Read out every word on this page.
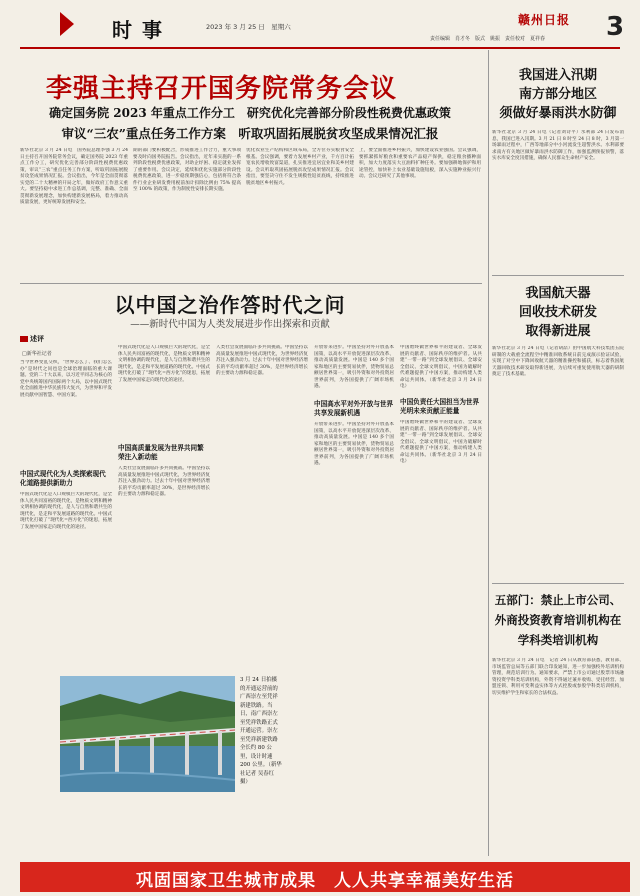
时事	2023 年 3 月 25 日　星期六	赣州日报
责任编辑　肖才冬　版式　姚振　责任校对　夏祥春 3
李强主持召开国务院常务会议
确定国务院 2023 年重点工作分工　研究优化完善部分阶段性税费优惠政策
审议“三农”重点任务工作方案　听取巩固拓展脱贫攻坚成果情况汇报
新华社北京 3 月 24 日电　国务院总理李强 3 月 24 日主持召开国务院常务会议，确定国务院 2023 年重点工作分工，研究优化完善部分阶段性税费优惠政策，审议“三农”重点任务工作方案，听取巩固拓展脱贫攻坚成果情况汇报。会议指出，今年是全面贯彻落实党的二十大精神的开局之年，做好政府工作意义重大。要坚持稳中求进工作总基调，完整、准确、全面贯彻新发展理念，加快构建新发展格局，着力推动高质量发展，更好统筹发展和安全。
期的部门要积极配合，形成推进工作合力，重大事项要及时向国务院报告。会议指出，近年来实施的一系列阶段性税费优惠政策，对助企纾困、稳定就业发挥了重要作用。会议决定，延续和优化实施部分阶段性税费优惠政策，进一步稳预期强信心，包括将符合条件行业企业研发费用税前加计扣除比例由 75% 提高至 100% 的政策，作为制度性安排长期实施。
优化农业生产结构和区域布局，全方位夯实粮食安全根基。会议强调，要着力发展乡村产业，千方百计拓宽农民增收致富渠道，扎实推进宜居宜业和美乡村建设。会议听取巩固拓展脱贫攻坚成果情况汇报。会议指出，要坚决守住不发生规模性返贫底线，持续推进脱贫地区乡村振兴。
上，要全面推进乡村振兴，加快建设农业强国。会议强调，要抓紧抓好粮食和重要农产品稳产保供，稳定粮食播种面积，加大力度落实大豆油料扩种任务。要加强耕地保护和用途管控，加快补上农业基础设施短板，深入实施种业振兴行动。会议还研究了其他事项。
以中国之治作答时代之问
——新时代中国为人类发展进步作出探索和贡献
述评
□新华社记者
当今世界变乱交织，“世界怎么了、我们怎么办”是时代之问也是全球治理面临的重大课题。党的二十大以来，以习近平同志为核心的党中央统筹国内国际两个大局，以中国式现代化全面推进中华民族伟大复兴，为世界和平发展贡献中国智慧、中国方案。
中国式现代化为人类探索现代化道路提供新助力
中国式现代化是人口规模巨大的现代化，是全体人民共同富裕的现代化，是物质文明和精神文明相协调的现代化，是人与自然和谐共生的现代化，是走和平发展道路的现代化。中国式现代化打破了“现代化=西方化”的迷思，拓展了发展中国家走向现代化的途径。
中国式现代化是人口规模巨大的现代化，是全体人民共同富裕的现代化，是物质文明和精神文明相协调的现代化，是人与自然和谐共生的现代化，是走和平发展道路的现代化。中国式现代化打破了“现代化=西方化”的迷思，拓展了发展中国家走向现代化的途径。
中国高质量发展为世界共同繁荣注入新动能
人类社会发展面临许多共同挑战。中国坚持以高质量发展推进中国式现代化，为世界经济复苏注入强劲动力。过去十年中国对世界经济增长的平均贡献率超过 30%，是世界经济增长的主要动力源和稳定器。
人类社会发展面临许多共同挑战。中国坚持以高质量发展推进中国式现代化，为世界经济复苏注入强劲动力。过去十年中国对世界经济增长的平均贡献率超过 30%，是世界经济增长的主要动力源和稳定器。
开放带来进步。中国坚持对外开放基本国策，以高水平开放促进深层次改革、推动高质量发展。中国是 140 多个国家和地区的主要贸易伙伴，货物贸易总额居世界第一，吸引外资和对外投资居世界前列，为各国提供了广阔市场机遇。
中国高水平对外开放与世界共享发展新机遇
开放带来进步。中国坚持对外开放基本国策，以高水平开放促进深层次改革、推动高质量发展。中国是 140 多个国家和地区的主要贸易伙伴，货物贸易总额居世界第一，吸引外资和对外投资居世界前列，为各国提供了广阔市场机遇。
中国始终做世界和平的建设者、全球发展的贡献者、国际秩序的维护者。从共建“一带一路”到全球发展倡议、全球安全倡议、全球文明倡议，中国为破解时代难题提供了中国方案，推动构建人类命运共同体。（新华社北京 3 月 24 日电）
中国负责任大国担当为世界光明未来贡献正能量
中国始终做世界和平的建设者、全球发展的贡献者、国际秩序的维护者。从共建“一带一路”到全球发展倡议、全球安全倡议、全球文明倡议，中国为破解时代难题提供了中国方案，推动构建人类命运共同体。（新华社北京 3 月 24 日电）
3 月 24 日拍摄的开通运营前的广西崇左至凭祥新建铁路。当日，南广西崇左至凭祥铁路正式开通运营。崇左至凭祥新建铁路全长约 80 公里，设计时速 200 公里。（新华社记者 吴春红 摄）
我国进入汛期
南方部分地区
须做好暴雨洪水防御
新华社北京 3 月 24 日电（记者刘诗平）水利部 24 日发布消息，我国已进入汛期。3 月 21 日 8 时至 24 日 8 时，3 月第一场暴雨过程中，广西等地部分中小河流发生超警洪水。水利部要求南方有关地区做好暴雨洪水防御工作，加强监测预报预警，落实水库安全度汛措施，确保人民群众生命财产安全。
我国航天器
回收技术研发
取得新进展
新华社北京 3 月 24 日电（记者胡喆）由中国航天科技集团五院研制的大载重全流程空中精准回收系统日前完成演示验证试验，实现了对空中下降回收航天器的精准操控和捕获，标志着我国航天器回收技术研发取得新进展，为后续可重复使用航天器的研制奠定了技术基础。
五部门：禁止上市公司、
外商投资教育培训机构在
学科类培训机构
新华社北京 3 月 24 日电　记者 24 日从教育部获悉，教育部、市场监管总局等五部门联合印发通知，进一步加强校外培训机构管理，规范培训行为。通知要求，严禁上市公司通过股票市场融资投资学科类培训机构，外资不得通过兼并收购、受托经营、加盟连锁、利用可变利益实体等方式控股或参股学科类培训机构，切实维护学生和家长的合法权益。
巩固国家卫生城市成果　人人共享幸福美好生活
